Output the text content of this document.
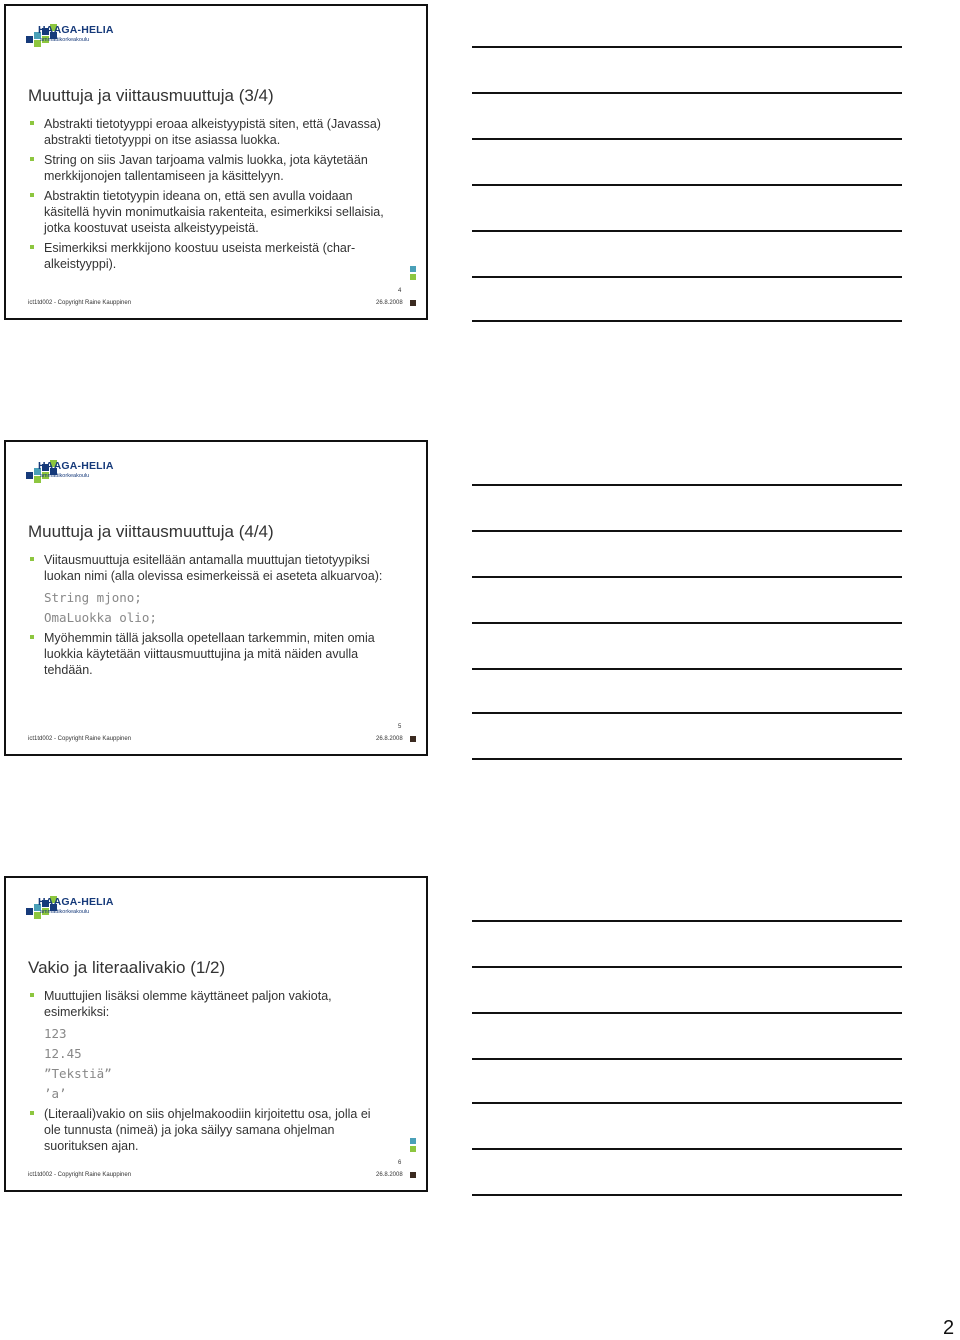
HAAGA-HELIA
ammattikorkeakoulu
Muuttuja ja viittausmuuttuja (3/4)
Abstrakti tietotyyppi eroaa alkeistyypistä siten, että (Javassa) abstrakti tietotyyppi on itse asiassa luokka.
String on siis Javan tarjoama valmis luokka, jota käytetään merkkijonojen tallentamiseen ja käsittelyyn.
Abstraktin tietotyypin ideana on, että sen avulla voidaan käsitellä hyvin monimutkaisia rakenteita, esimerkiksi sellaisia, jotka koostuvat useista alkeistyypeistä.
Esimerkiksi merkkijono koostuu useista merkeistä (char-alkeistyyppi).
4
ict1td002 - Copyright Raine Kauppinen	26.8.2008
HAAGA-HELIA
ammattikorkeakoulu
Muuttuja ja viittausmuuttuja (4/4)
Viitausmuuttuja esitellään antamalla muuttujan tietotyypiksi luokan nimi (alla olevissa esimerkeissä ei aseteta alkuarvoa):
String mjono;
OmaLuokka olio;
Myöhemmin tällä jaksolla opetellaan tarkemmin, miten omia luokkia käytetään viittausmuuttujina ja mitä näiden avulla tehdään.
5
ict1td002 - Copyright Raine Kauppinen	26.8.2008
HAAGA-HELIA
ammattikorkeakoulu
Vakio ja literaalivakio (1/2)
Muuttujien lisäksi olemme käyttäneet paljon vakiota, esimerkiksi:
123
12.45
”Tekstiä”
’a’
(Literaali)vakio on siis ohjelmakoodiin kirjoitettu osa, jolla ei ole tunnusta (nimeä) ja joka säilyy samana ohjelman suorituksen ajan.
6
ict1td002 - Copyright Raine Kauppinen	26.8.2008
2
